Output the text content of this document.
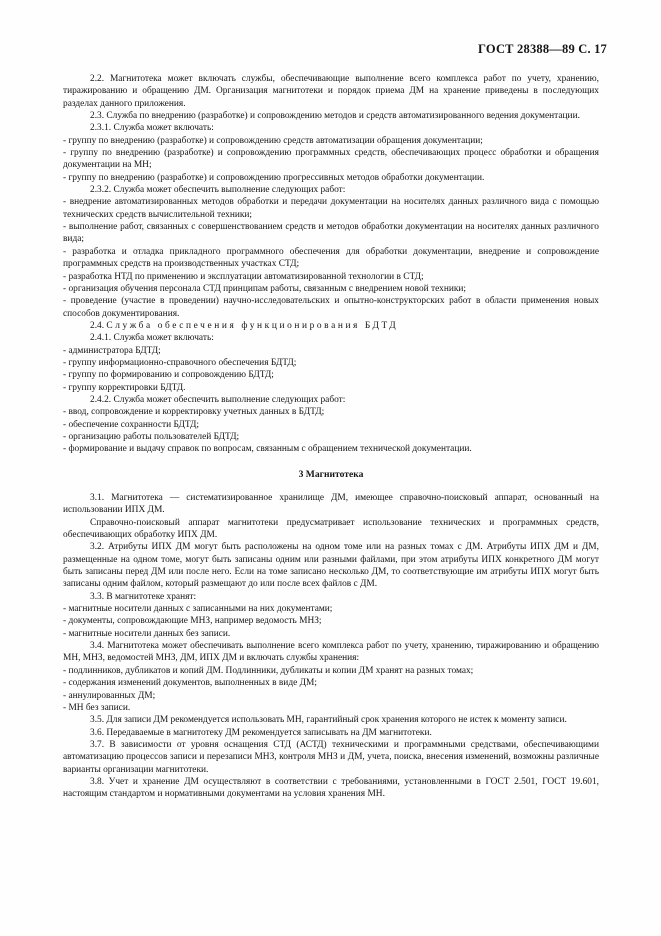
ГОСТ 28388—89 С. 17

2.2. Магнитотека может включать службы, обеспечивающие выполнение всего комплекса работ по учету, хранению, тиражированию и обращению ДМ. Организация магнитотеки и порядок приема ДМ на хранение приведены в последующих разделах данного приложения.

2.3. Служба по внедрению (разработке) и сопровождению методов и средств автоматизированного ведения документации.

2.3.1. Служба может включать:

- группу по внедрению (разработке) и сопровождению средств автоматизации обращения документации;

- группу по внедрению (разработке) и сопровождению программных средств, обеспечивающих процесс обработки и обращения документации на МН;

- группу по внедрению (разработке) и сопровождению прогрессивных методов обработки документации.

2.3.2. Служба может обеспечить выполнение следующих работ:

- внедрение автоматизированных методов обработки и передачи документации на носителях данных различного вида с помощью технических средств вычислительной техники;

- выполнение работ, связанных с совершенствованием средств и методов обработки документации на носителях данных различного вида;

- разработка и отладка прикладного программного обеспечения для обработки документации, внедрение и сопровождение программных средств на производственных участках СТД;

- разработка НТД по применению и эксплуатации автоматизированной технологии в СТД;

- организация обучения персонала СТД принципам работы, связанным с внедрением новой техники;

- проведение (участие в проведении) научно-исследовательских и опытно-конструкторских работ в области применения новых способов документирования.

2.4. Служба обеспечения функционирования БДТД

2.4.1. Служба может включать:

- администратора БДТД;

- группу информационно-справочного обеспечения БДТД;

- группу по формированию и сопровождению БДТД;

- группу корректировки БДТД.

2.4.2. Служба может обеспечить выполнение следующих работ:

- ввод, сопровождение и корректировку учетных данных в БДТД;

- обеспечение сохранности БДТД;

- организацию работы пользователей БДТД;

- формирование и выдачу справок по вопросам, связанным с обращением технической документации.

3 Магнитотека

3.1. Магнитотека — систематизированное хранилище ДМ, имеющее справочно-поисковый аппарат, основанный на использовании ИПХ ДМ.

Справочно-поисковый аппарат магнитотеки предусматривает использование технических и программных средств, обеспечивающих обработку ИПХ ДМ.

3.2. Атрибуты ИПХ ДМ могут быть расположены на одном томе или на разных томах с ДМ. Атрибуты ИПХ ДМ и ДМ, размещенные на одном томе, могут быть записаны одним или разными файлами, при этом атрибуты ИПХ конкретного ДМ могут быть записаны перед ДМ или после него. Если на томе записано несколько ДМ, то соответствующие им атрибуты ИПХ могут быть записаны одним файлом, который размещают до или после всех файлов с ДМ.

3.3. В магнитотеке хранят:

- магнитные носители данных с записанными на них документами;

- документы, сопровождающие МНЗ, например ведомость МНЗ;

- магнитные носители данных без записи.

3.4. Магнитотека может обеспечивать выполнение всего комплекса работ по учету, хранению, тиражированию и обращению МН, МНЗ, ведомостей МНЗ, ДМ, ИПХ ДМ и включать службы хранения:

- подлинников, дубликатов и копий ДМ. Подлинники, дубликаты и копии ДМ хранят на разных томах;

- содержания изменений документов, выполненных в виде ДМ;

- аннулированных ДМ;

- МН без записи.

3.5. Для записи ДМ рекомендуется использовать МН, гарантийный срок хранения которого не истек к моменту записи.

3.6. Передаваемые в магнитотеку ДМ рекомендуется записывать на ДМ магнитотеки.

3.7. В зависимости от уровня оснащения СТД (АСТД) техническими и программными средствами, обеспечивающими автоматизацию процессов записи и перезаписи МНЗ, контроля МНЗ и ДМ, учета, поиска, внесения изменений, возможны различные варианты организации магнитотеки.

3.8. Учет и хранение ДМ осуществляют в соответствии с требованиями, установленными в ГОСТ 2.501, ГОСТ 19.601, настоящим стандартом и нормативными документами на условия хранения МН.
